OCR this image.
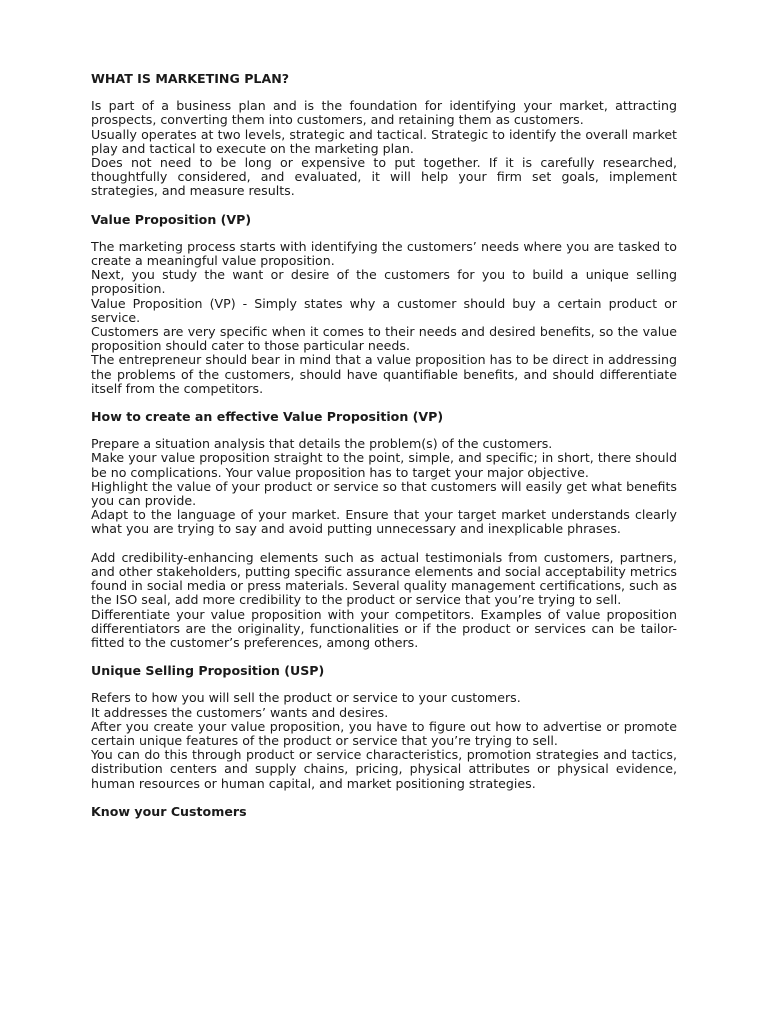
WHAT IS MARKETING PLAN?

Is part of a business plan and is the foundation for identifying your market, attracting prospects, converting them into customers, and retaining them as customers.

Usually operates at two levels, strategic and tactical. Strategic to identify the overall market play and tactical to execute on the marketing plan.

Does not need to be long or expensive to put together. If it is carefully researched, thoughtfully considered, and evaluated, it will help your firm set goals, implement strategies, and measure results.

Value Proposition (VP)

The marketing process starts with identifying the customers’ needs where you are tasked to create a meaningful value proposition.

Next, you study the want or desire of the customers for you to build a unique selling proposition.

Value Proposition (VP) - Simply states why a customer should buy a certain product or service.

Customers are very specific when it comes to their needs and desired benefits, so the value proposition should cater to those particular needs.

The entrepreneur should bear in mind that a value proposition has to be direct in addressing the problems of the customers, should have quantifiable benefits, and should differentiate itself from the competitors.

How to create an effective Value Proposition (VP)

Prepare a situation analysis that details the problem(s) of the customers.

Make your value proposition straight to the point, simple, and specific; in short, there should be no complications. Your value proposition has to target your major objective.

Highlight the value of your product or service so that customers will easily get what benefits you can provide.

Adapt to the language of your market. Ensure that your target market understands clearly what you are trying to say and avoid putting unnecessary and inexplicable phrases.

Add credibility-enhancing elements such as actual testimonials from customers, partners, and other stakeholders, putting specific assurance elements and social acceptability metrics found in social media or press materials. Several quality management certifications, such as the ISO seal, add more credibility to the product or service that you’re trying to sell.

Differentiate your value proposition with your competitors. Examples of value proposition differentiators are the originality, functionalities or if the product or services can be tailor-fitted to the customer’s preferences, among others.

Unique Selling Proposition (USP)

Refers to how you will sell the product or service to your customers.

It addresses the customers’ wants and desires.

After you create your value proposition, you have to figure out how to advertise or promote certain unique features of the product or service that you’re trying to sell.

You can do this through product or service characteristics, promotion strategies and tactics, distribution centers and supply chains, pricing, physical attributes or physical evidence, human resources or human capital, and market positioning strategies.

Know your Customers
